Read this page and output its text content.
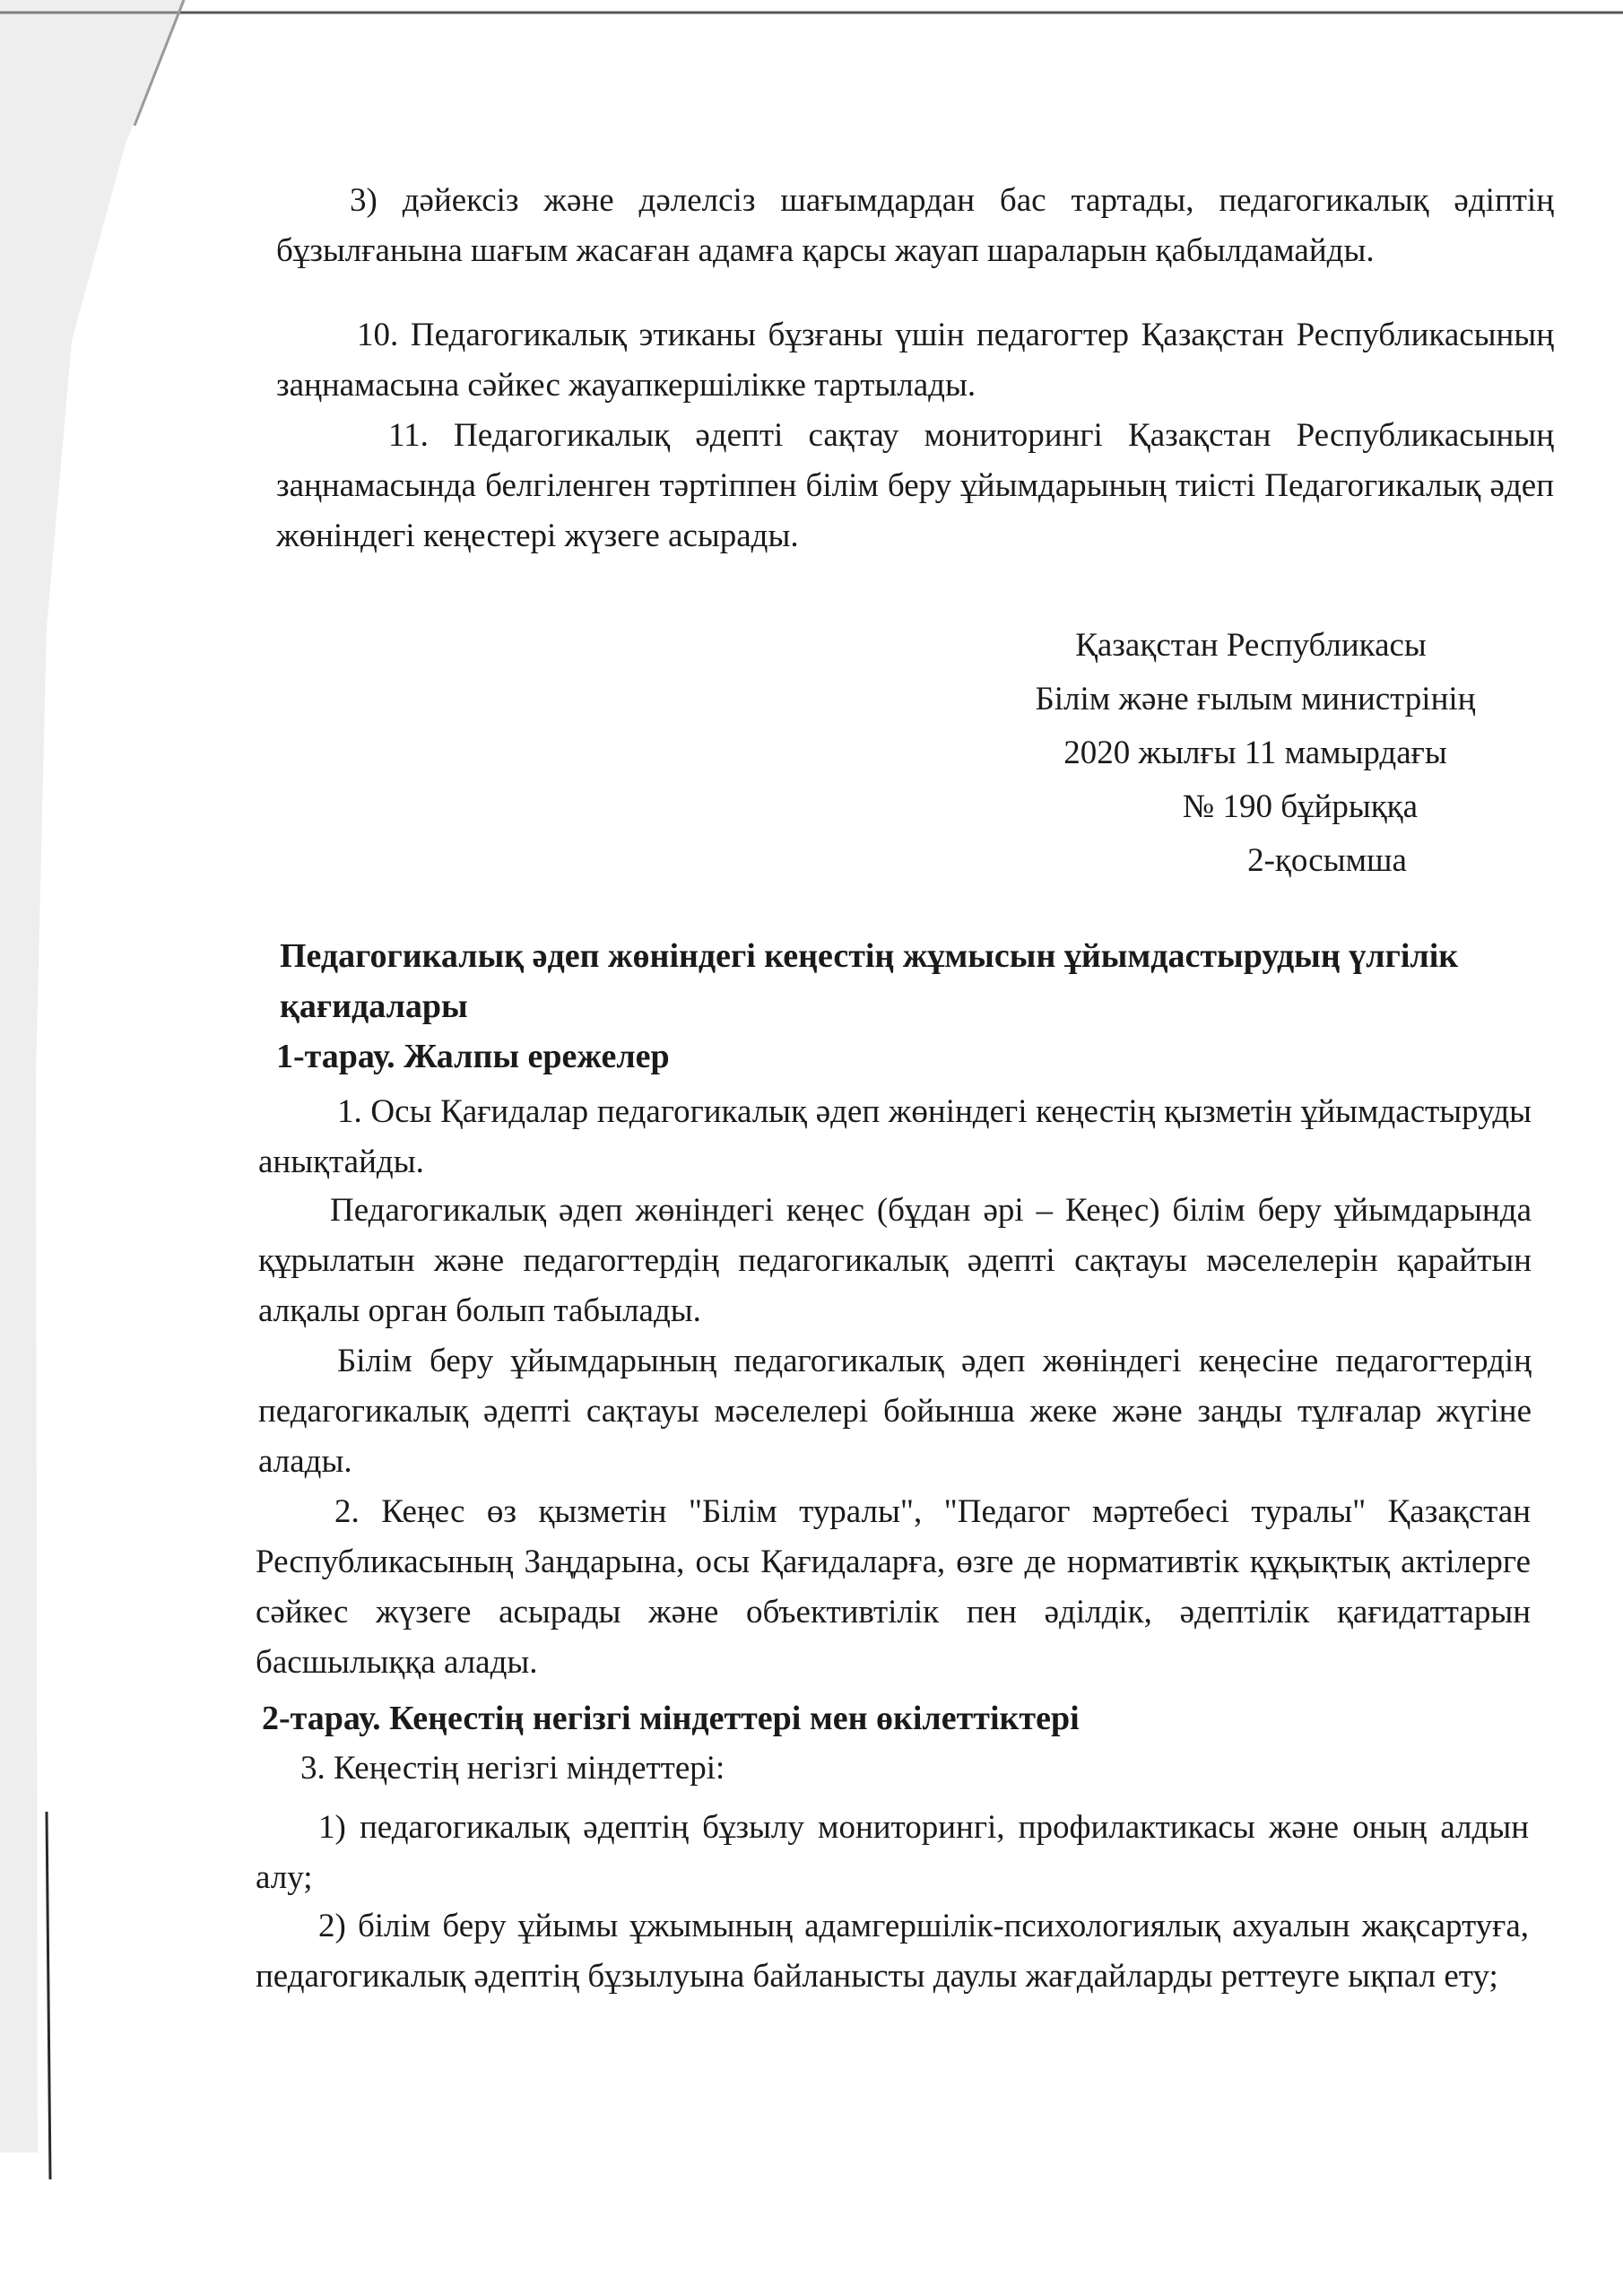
3) дәйексіз және дәлелсіз шағымдардан бас тартады, педагогикалық әдіптің бұзылғанына шағым жасаған адамға қарсы жауап шараларын қабылдамайды.
10. Педагогикалық этиканы бұзғаны үшін педагогтер Қазақстан Республикасының заңнамасына сәйкес жауапкершілікке тартылады.
11. Педагогикалық әдепті сақтау мониторингі Қазақстан Республикасының заңнамасында белгіленген тәртіппен білім беру ұйымдарының тиісті Педагогикалық әдеп жөніндегі кеңестері жүзеге асырады.
Қазақстан Республикасы
Білім және ғылым министрінің
2020 жылғы 11 мамырдағы
№ 190 бұйрыққа
2-қосымша
Педагогикалық әдеп жөніндегі кеңестің жұмысын ұйымдастырудың үлгілік қағидалары
1-тарау. Жалпы ережелер
1. Осы Қағидалар педагогикалық әдеп жөніндегі кеңестің қызметін ұйымдастыруды анықтайды.
Педагогикалық әдеп жөніндегі кеңес (бұдан әрі – Кеңес) білім беру ұйымдарында құрылатын және педагогтердің педагогикалық әдепті сақтауы мәселелерін қарайтын алқалы орган болып табылады.
Білім беру ұйымдарының педагогикалық әдеп жөніндегі кеңесіне педагогтердің педагогикалық әдепті сақтауы мәселелері бойынша жеке және заңды тұлғалар жүгіне алады.
2. Кеңес өз қызметін "Білім туралы", "Педагог мәртебесі туралы" Қазақстан Республикасының Заңдарына, осы Қағидаларға, өзге де нормативтік құқықтық актілерге сәйкес жүзеге асырады және объективтілік пен әділдік, әдептілік қағидаттарын басшылыққа алады.
2-тарау. Кеңестің негізгі міндеттері мен өкілеттіктері
3. Кеңестің негізгі міндеттері:
1) педагогикалық әдептің бұзылу мониторингі, профилактикасы және оның алдын алу;
2) білім беру ұйымы ұжымының адамгершілік-психологиялық ахуалын жақсартуға, педагогикалық әдептің бұзылуына байланысты даулы жағдайларды реттеуге ықпал ету;
